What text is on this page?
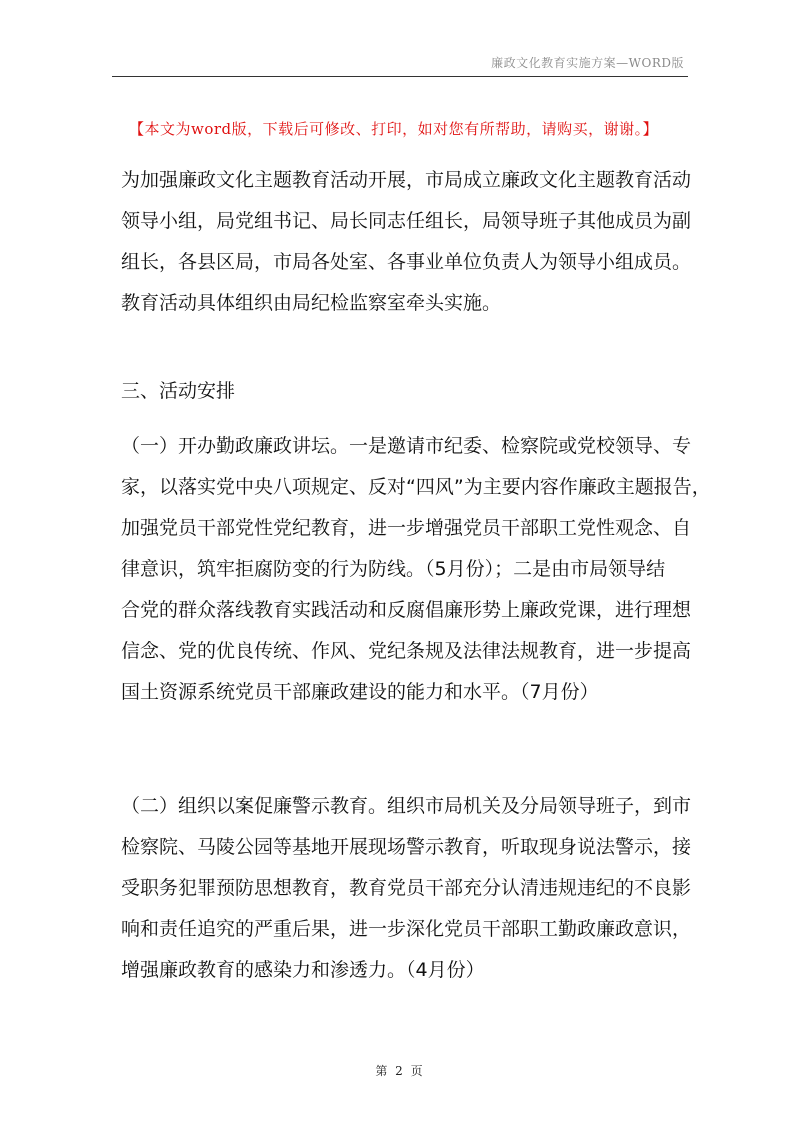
廉政文化教育实施方案—WORD版
【本文为word版，下载后可修改、打印，如对您有所帮助，请购买，谢谢。】
为加强廉政文化主题教育活动开展，市局成立廉政文化主题教育活动
领导小组，局党组书记、局长同志任组长，局领导班子其他成员为副
组长，各县区局，市局各处室、各事业单位负责人为领导小组成员。
教育活动具体组织由局纪检监察室牵头实施。
三、活动安排
（一）开办勤政廉政讲坛。一是邀请市纪委、检察院或党校领导、专
家，以落实党中央八项规定、反对“四风”为主要内容作廉政主题报告，
加强党员干部党性党纪教育，进一步增强党员干部职工党性观念、自
律意识，筑牢拒腐防变的行为防线。（5月份）；二是由市局领导结
合党的群众落线教育实践活动和反腐倡廉形势上廉政党课，进行理想
信念、党的优良传统、作风、党纪条规及法律法规教育，进一步提高
国土资源系统党员干部廉政建设的能力和水平。（7月份）
（二）组织以案促廉警示教育。组织市局机关及分局领导班子，到市
检察院、马陵公园等基地开展现场警示教育，听取现身说法警示，接
受职务犯罪预防思想教育，教育党员干部充分认清违规违纪的不良影
响和责任追究的严重后果，进一步深化党员干部职工勤政廉政意识，
增强廉政教育的感染力和渗透力。（4月份）
第 2 页
